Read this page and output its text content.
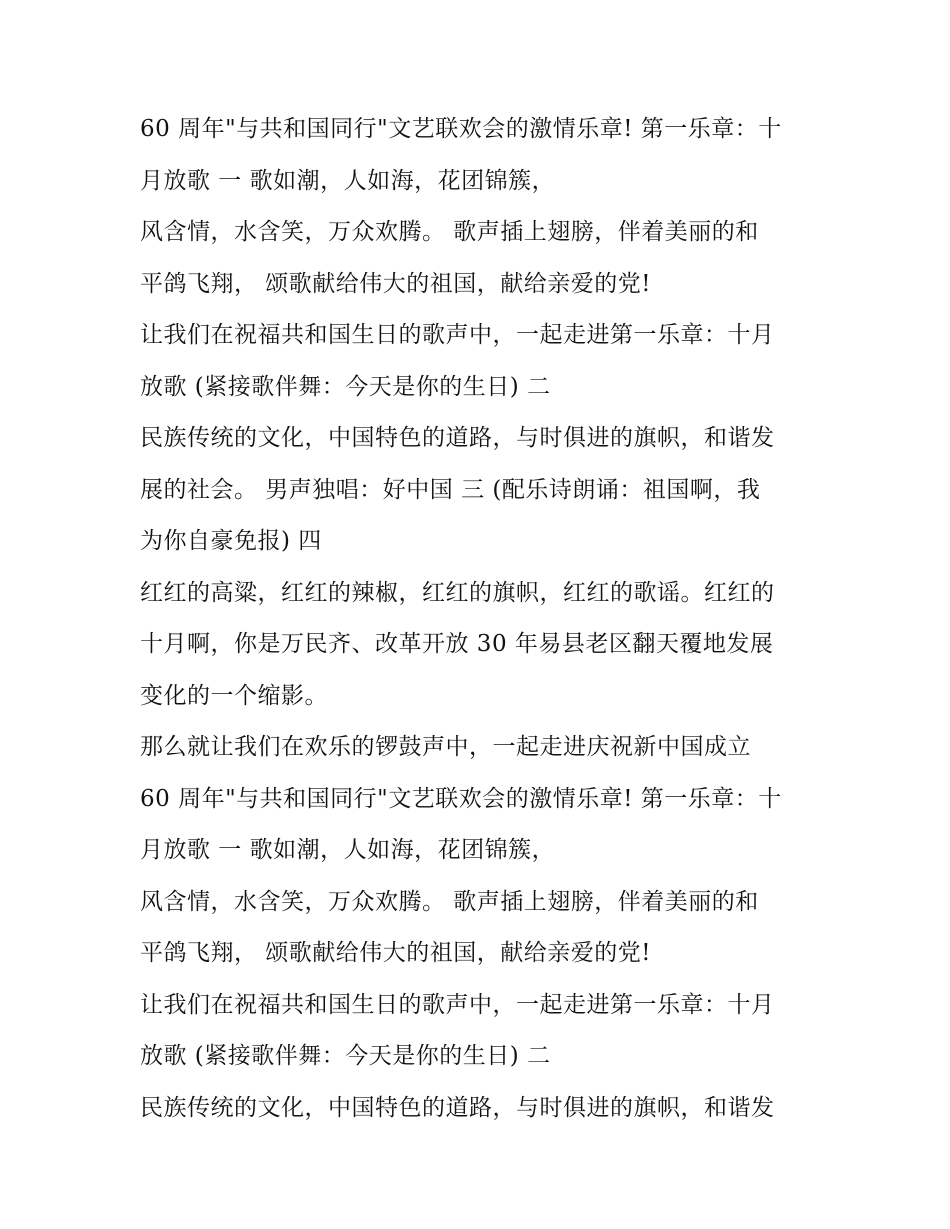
60 周年"与共和国同行"文艺联欢会的激情乐章! 第一乐章：十
月放歌 一 歌如潮，人如海，花团锦簇，
风含情，水含笑，万众欢腾。 歌声插上翅膀，伴着美丽的和
平鸽飞翔， 颂歌献给伟大的祖国，献给亲爱的党!
让我们在祝福共和国生日的歌声中，一起走进第一乐章：十月
放歌 (紧接歌伴舞：今天是你的生日) 二
民族传统的文化，中国特色的道路，与时俱进的旗帜，和谐发
展的社会。 男声独唱：好中国 三 (配乐诗朗诵：祖国啊，我
为你自豪免报) 四
红红的高粱，红红的辣椒，红红的旗帜，红红的歌谣。红红的
十月啊，你是万民齐、改革开放 30 年易县老区翻天覆地发展
变化的一个缩影。
那么就让我们在欢乐的锣鼓声中，一起走进庆祝新中国成立
60 周年"与共和国同行"文艺联欢会的激情乐章! 第一乐章：十
月放歌 一 歌如潮，人如海，花团锦簇，
风含情，水含笑，万众欢腾。 歌声插上翅膀，伴着美丽的和
平鸽飞翔， 颂歌献给伟大的祖国，献给亲爱的党!
让我们在祝福共和国生日的歌声中，一起走进第一乐章：十月
放歌 (紧接歌伴舞：今天是你的生日) 二
民族传统的文化，中国特色的道路，与时俱进的旗帜，和谐发
